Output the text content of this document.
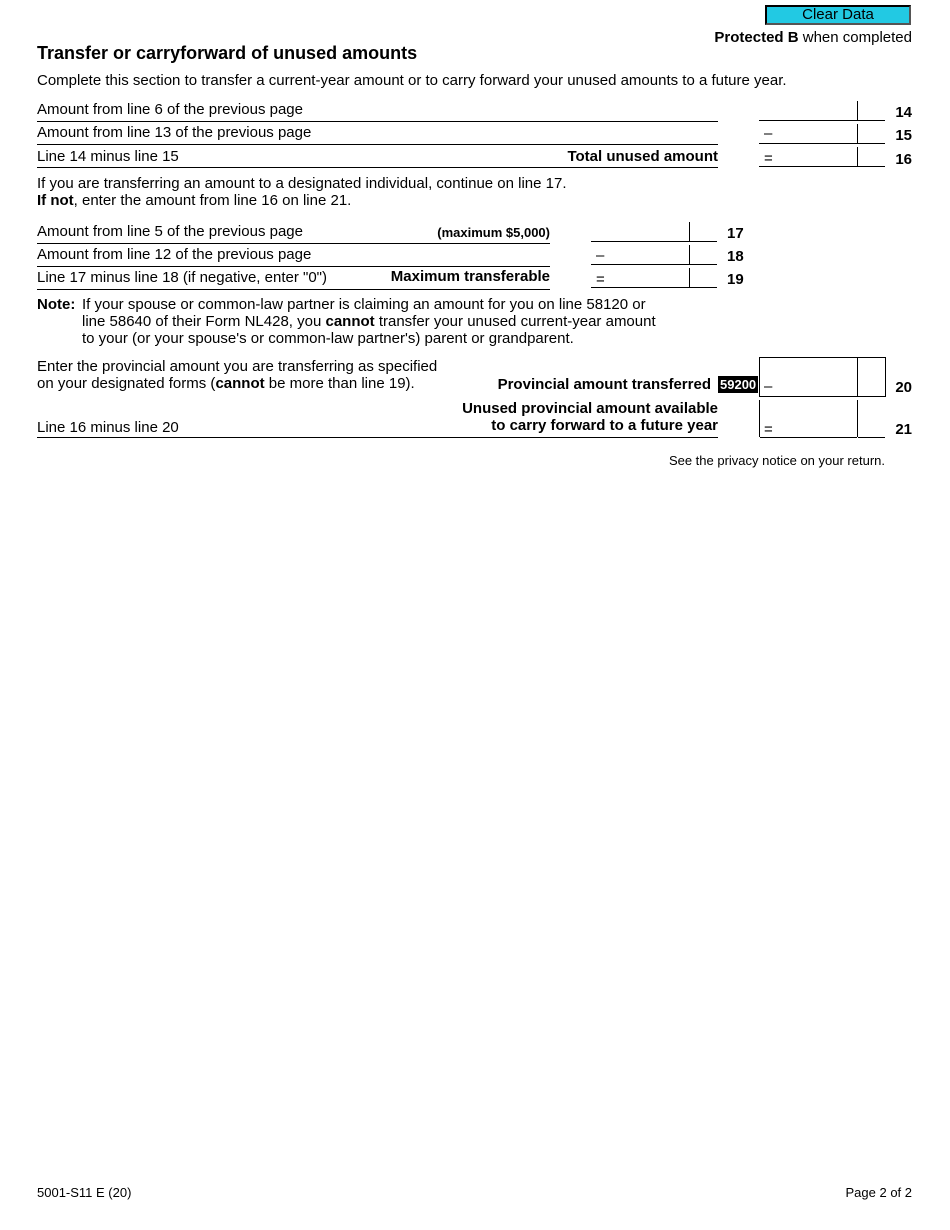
Clear Data
Protected B when completed
Transfer or carryforward of unused amounts
Complete this section to transfer a current-year amount or to carry forward your unused amounts to a future year.
Amount from line 6 of the previous page	14
Amount from line 13 of the previous page	–	15
Line 14 minus line 15	Total unused amount	=	16
If you are transferring an amount to a designated individual, continue on line 17.
If not, enter the amount from line 16 on line 21.
Amount from line 5 of the previous page	(maximum $5,000)	17
Amount from line 12 of the previous page	–	18
Line 17 minus line 18 (if negative, enter "0")	Maximum transferable	=	19
Note: If your spouse or common-law partner is claiming an amount for you on line 58120 or
line 58640 of their Form NL428, you cannot transfer your unused current-year amount
to your (or your spouse's or common-law partner's) parent or grandparent.
Enter the provincial amount you are transferring as specified
on your designated forms (cannot be more than line 19).	Provincial amount transferred 59200 –	20
Line 16 minus line 20
Unused provincial amount available
to carry forward to a future year	=	21
See the privacy notice on your return.
5001-S11 E (20)	Page 2 of 2
